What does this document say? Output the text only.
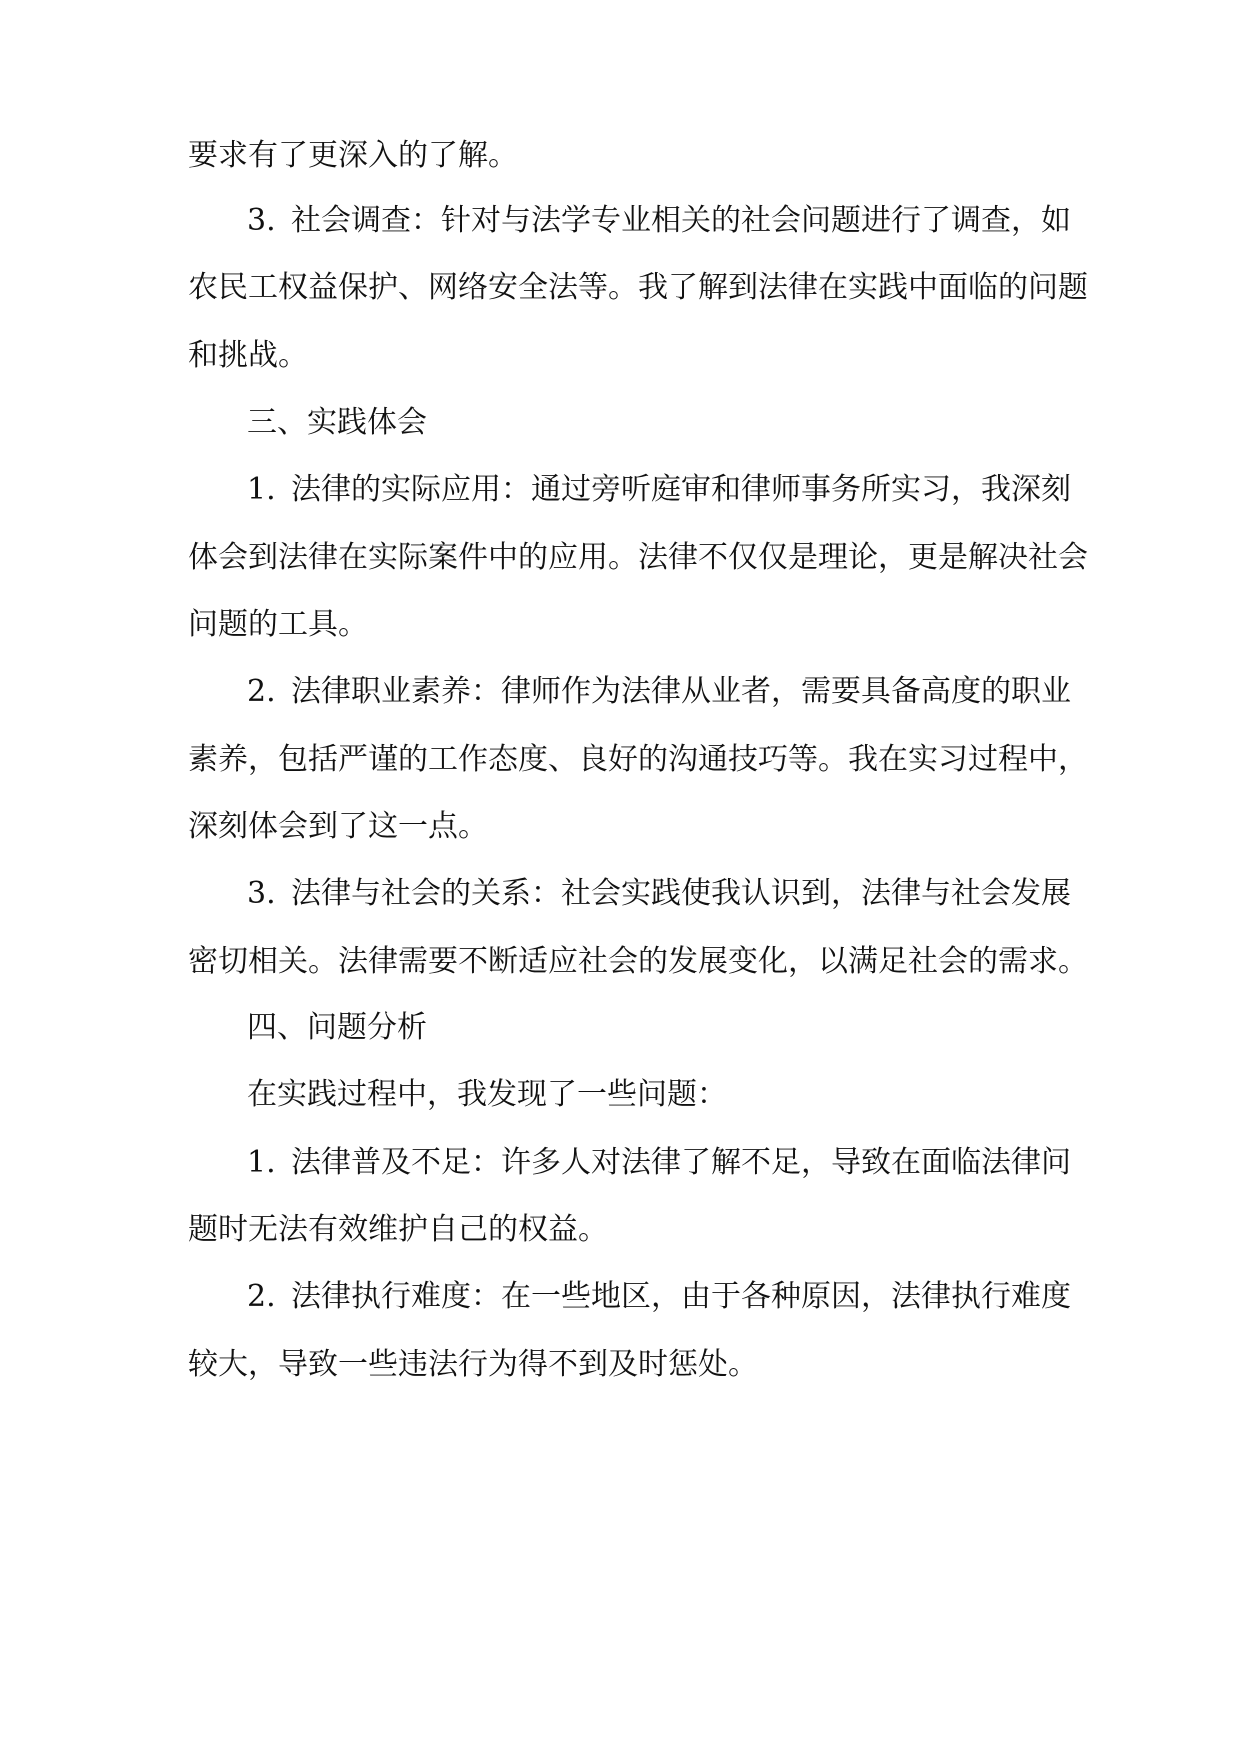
要求有了更深入的了解。

3. 社会调查：针对与法学专业相关的社会问题进行了调查，如

农民工权益保护、网络安全法等。我了解到法律在实践中面临的问题

和挑战。

三、实践体会

1. 法律的实际应用：通过旁听庭审和律师事务所实习，我深刻

体会到法律在实际案件中的应用。法律不仅仅是理论，更是解决社会

问题的工具。

2. 法律职业素养：律师作为法律从业者，需要具备高度的职业

素养，包括严谨的工作态度、良好的沟通技巧等。我在实习过程中，

深刻体会到了这一点。

3. 法律与社会的关系：社会实践使我认识到，法律与社会发展

密切相关。法律需要不断适应社会的发展变化，以满足社会的需求。

四、问题分析

在实践过程中，我发现了一些问题：

1. 法律普及不足：许多人对法律了解不足，导致在面临法律问

题时无法有效维护自己的权益。

2. 法律执行难度：在一些地区，由于各种原因，法律执行难度

较大，导致一些违法行为得不到及时惩处。
